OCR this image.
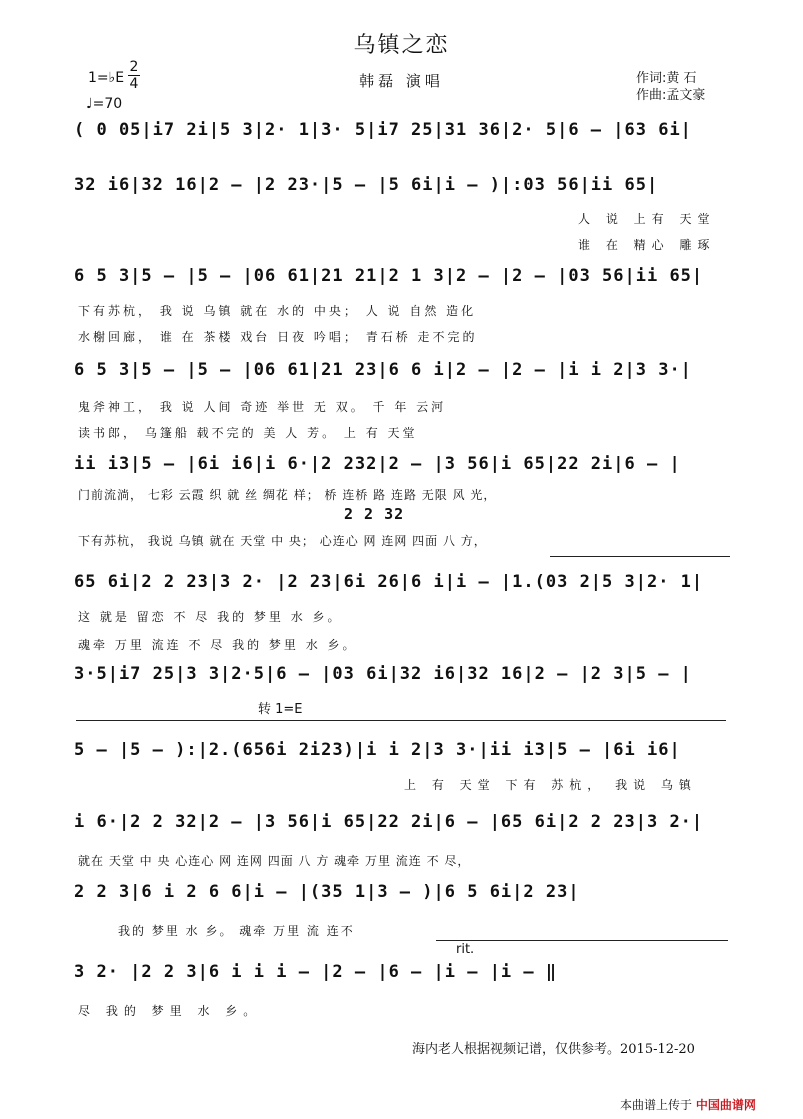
乌镇之恋
1=♭E
2
4
♩=70
韩磊 演唱	作词:黄 石
作曲:孟文豪
( 0 05|i7 2i|5 3|2· 1|3· 5|i7 25|31 36|2· 5|6 – |63 6i|
32 i6|32 16|2 – |2 23·|5 – |5 6i|i – )|:03 56|ii 65|
人 说 上有 天堂
谁 在 精心 雕琢
6 5 3|5 – |5 – |06 61|21 21|2 1 3|2 – |2 – |03 56|ii 65|
下有苏杭， 我 说 乌镇 就在 水的 中央； 人 说 自然 造化
水榭回廊， 谁 在 茶楼 戏台 日夜 吟唱； 青石桥 走不完的
6 5 3|5 – |5 – |06 61|21 23|6 6 i|2 – |2 – |i i 2|3 3·|
鬼斧神工， 我 说 人间 奇迹 举世 无 双。 千 年 云河
读书郎， 乌篷船 载不完的 美 人 芳。 上 有 天堂
ii i3|5 – |6i i6|i 6·|2 232|2 – |3 56|i 65|22 2i|6 – |
门前流淌， 七彩 云霞 织 就 丝 绸花 样； 桥 连桥 路 连路 无限 风 光，
2 2 32
下有苏杭， 我说 乌镇 就在 天堂 中 央； 心连心 网 连网 四面 八 方，
65 6i|2 2 23|3 2· |2 23|6i 26|6 i|i – |1.(03 2|5 3|2· 1|
这 就是 留恋 不 尽 我的 梦里 水 乡。
魂牵 万里 流连 不 尽 我的 梦里 水 乡。
3·5|i7 25|3 3|2·5|6 – |03 6i|32 i6|32 16|2 – |2 3|5 – |
转 1=E
5 – |5 – ):|2.(656i 2i23)|i i 2|3 3·|ii i3|5 – |6i i6|
上 有 天堂 下有 苏杭， 我说 乌镇
i 6·|2 2 32|2 – |3 56|i 65|22 2i|6 – |65 6i|2 2 23|3 2·|
就在 天堂 中 央 心连心 网 连网 四面 八 方 魂牵 万里 流连 不 尽，
2 2 3|6 i 2 6 6|i – |(35 1|3 – )|6 5 6i|2 23|
我的 梦里 水 乡。 魂牵 万里 流 连不
rit.
3 2· |2 2 3|6 i i i – |2 – |6 – |i – |i – ‖
尽 我的 梦里 水 乡。
海内老人根据视频记谱，仅供参考。2015-12-20
本曲谱上传于 中国曲谱网
